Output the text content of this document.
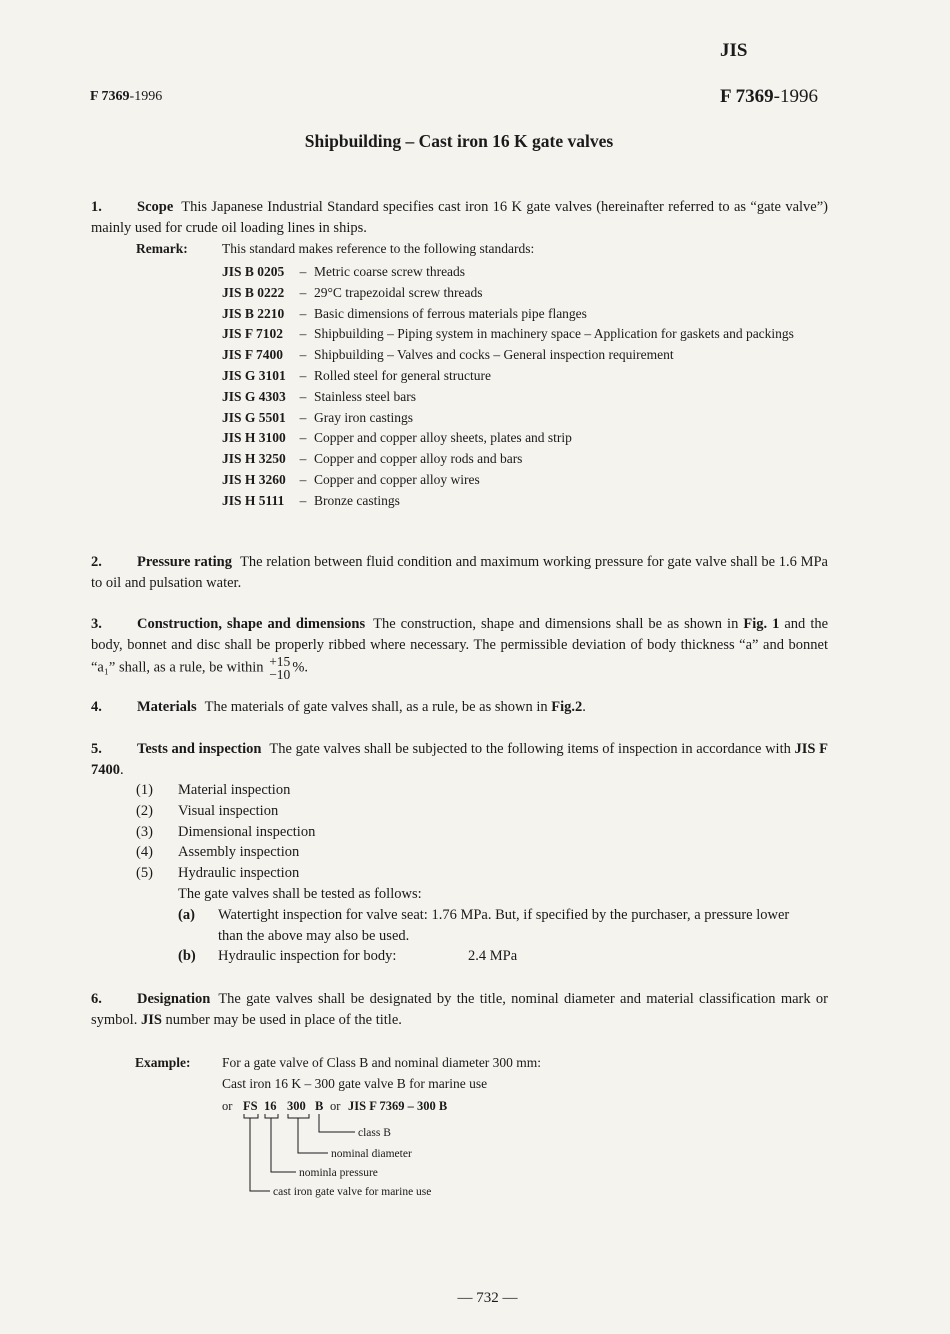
JIS
F 7369-1996	F 7369-1996
Shipbuilding – Cast iron 16 K gate valves
1. Scope This Japanese Industrial Standard specifies cast iron 16 K gate valves (hereinafter referred to as “gate valve”) mainly used for crude oil loading lines in ships.
Remark:	This standard makes reference to the following standards:
JIS B 0205	– Metric coarse screw threads
JIS B 0222	– 29°C trapezoidal screw threads
JIS B 2210	– Basic dimensions of ferrous materials pipe flanges
JIS F 7102	– Shipbuilding – Piping system in machinery space – Application for gaskets and packings
JIS F 7400	– Shipbuilding – Valves and cocks – General inspection requirement
JIS G 3101	– Rolled steel for general structure
JIS G 4303	– Stainless steel bars
JIS G 5501	– Gray iron castings
JIS H 3100	– Copper and copper alloy sheets, plates and strip
JIS H 3250	– Copper and copper alloy rods and bars
JIS H 3260	– Copper and copper alloy wires
JIS H 5111	– Bronze castings
2. Pressure rating The relation between fluid condition and maximum working pressure for gate valve shall be 1.6 MPa to oil and pulsation water.
3. Construction, shape and dimensions The construction, shape and dimensions shall be as shown in Fig. 1 and the body, bonnet and disc shall be properly ribbed where necessary. The permissible deviation of body thickness “a” and bonnet “a₁” shall, as a rule, be within +15
−10 %.
4. Materials The materials of gate valves shall, as a rule, be as shown in Fig.2.
5. Tests and inspection The gate valves shall be subjected to the following items of inspection in accordance with JIS F 7400.
(1)	Material inspection
(2)	Visual inspection
(3)	Dimensional inspection
(4)	Assembly inspection
(5)	Hydraulic inspection
The gate valves shall be tested as follows:
(a)	Watertight inspection for valve seat: 1.76 MPa. But, if specified by the purchaser, a pressure lower than the above may also be used.
(b)	Hydraulic inspection for body:	2.4 MPa
6. Designation The gate valves shall be designated by the title, nominal diameter and material classification mark or symbol. JIS number may be used in place of the title.
Example: For a gate valve of Class B and nominal diameter 300 mm:
Cast iron 16 K – 300 gate valve B for marine use
or FS 16 300 B or JIS F 7369 – 300 B
class B
nominal diameter
nominla pressure
cast iron gate valve for marine use
— 732 —
